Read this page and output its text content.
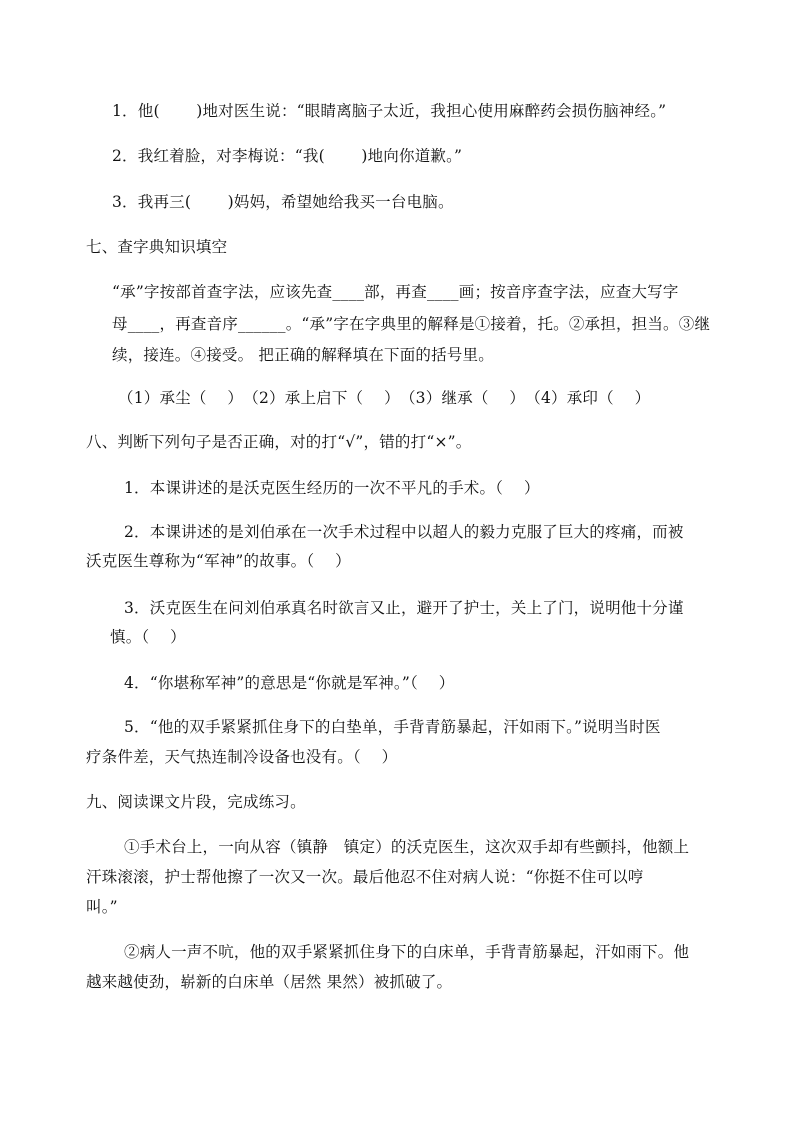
1．他(　 　)地对医生说：“眼睛离脑子太近，我担心使用麻醉药会损伤脑神经。”
2．我红着脸，对李梅说：“我(　 　)地向你道歉。”
3．我再三(　 　)妈妈，希望她给我买一台电脑。
七、查字典知识填空
“承”字按部首查字法，应该先查____部，再查____画；按音序查字法，应查大写字
母____，再查音序______。“承”字在字典里的解释是①接着，托。②承担，担当。③继
续，接连。④接受。 把正确的解释填在下面的括号里。
（1）承尘（　 ）　（2）承上启下（　 ）　（3）继承（　 ）　（4）承印（　 ）
八、判断下列句子是否正确，对的打“√”，错的打“×”。
1．本课讲述的是沃克医生经历的一次不平凡的手术。（　 ）
2．本课讲述的是刘伯承在一次手术过程中以超人的毅力克服了巨大的疼痛，而被
沃克医生尊称为“军神”的故事。（　 ）
3．沃克医生在问刘伯承真名时欲言又止，避开了护士，关上了门，说明他十分谨
慎。（　 ）
4．“你堪称军神”的意思是“你就是军神。”（　 ）
5．“他的双手紧紧抓住身下的白垫单，手背青筋暴起，汗如雨下。”说明当时医
疗条件差，天气热连制冷设备也没有。（　 ）
九、阅读课文片段，完成练习。
①手术台上，一向从容（镇静　镇定）的沃克医生，这次双手却有些颤抖，他额上
汗珠滚滚，护士帮他擦了一次又一次。最后他忍不住对病人说：“你挺不住可以哼
叫。”
②病人一声不吭，他的双手紧紧抓住身下的白床单，手背青筋暴起，汗如雨下。他
越来越使劲，崭新的白床单（居然 果然）被抓破了。
